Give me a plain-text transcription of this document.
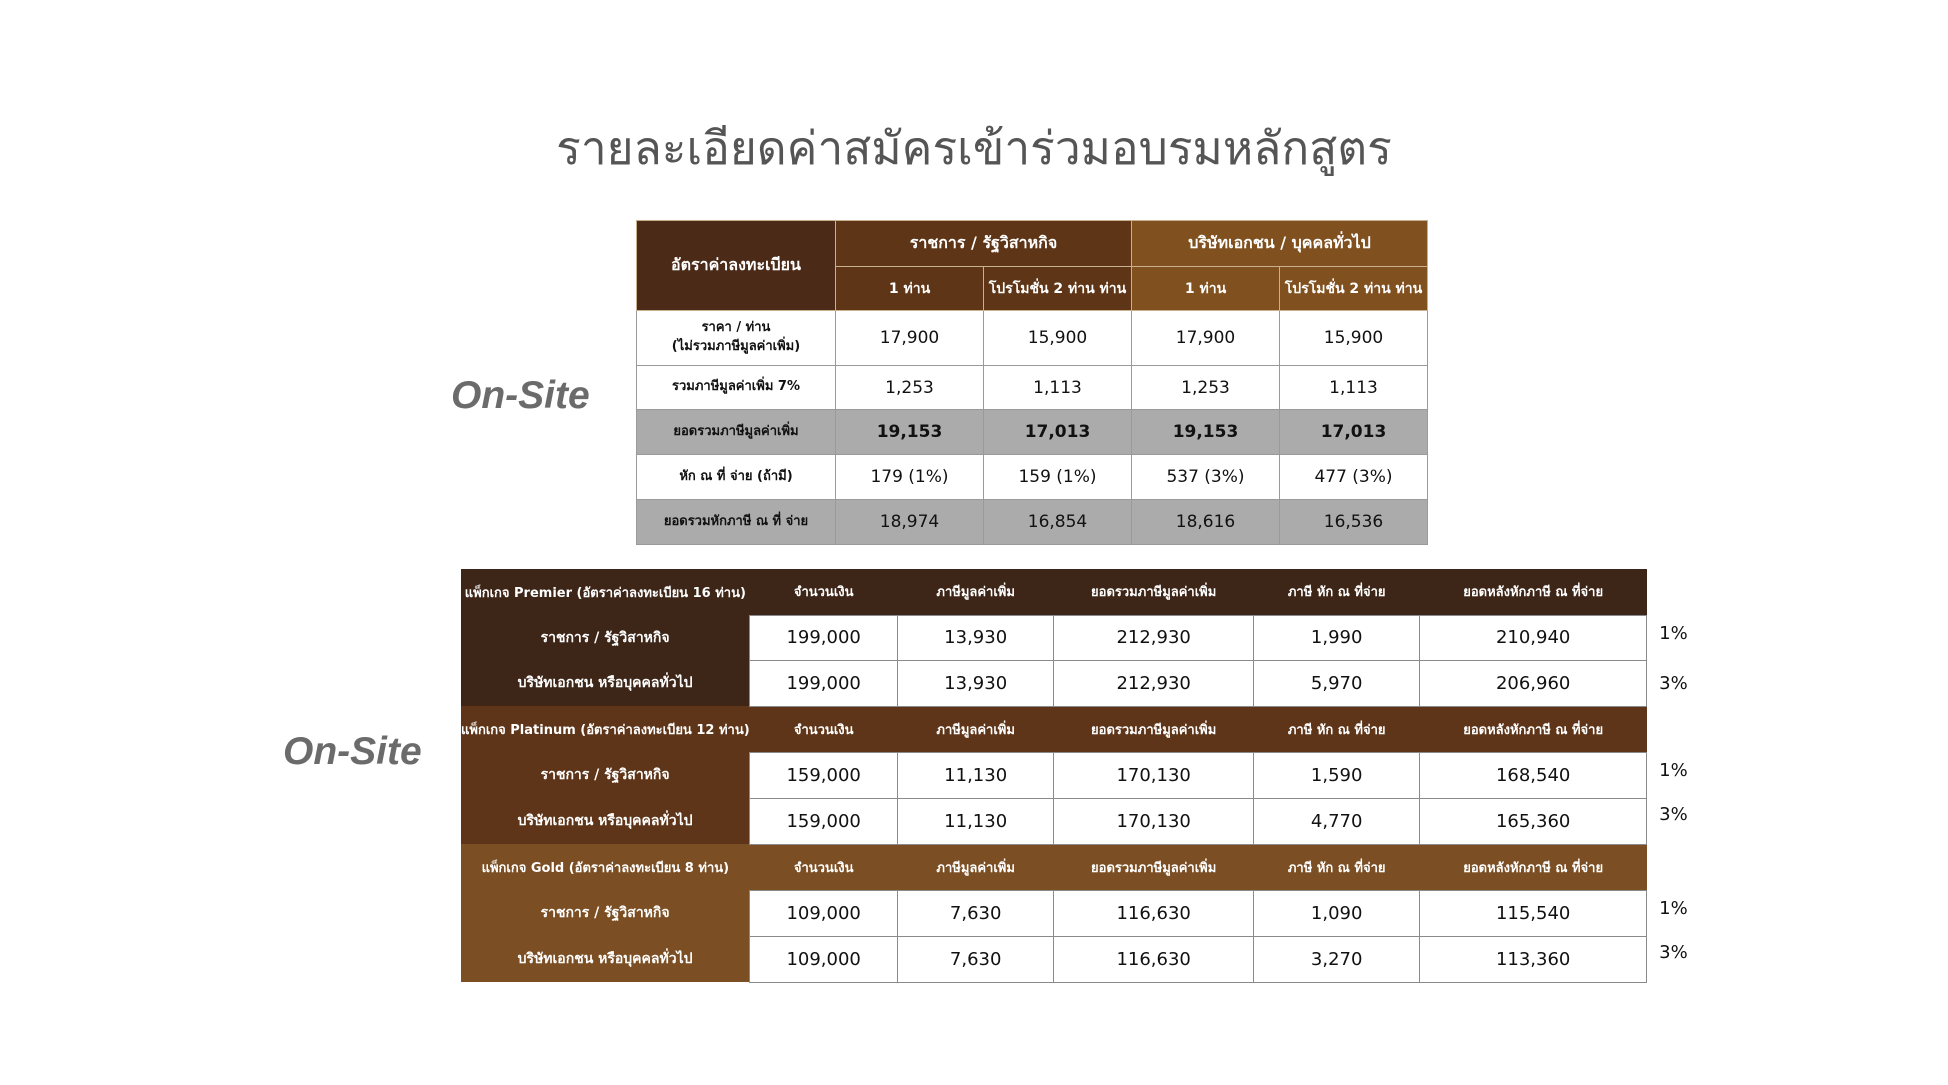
รายละเอียดค่าสมัครเข้าร่วมอบรมหลักสูตร
On-Site
On-Site
อัตราค่าลงทะเบียน	ราชการ / รัฐวิสาหกิจ		บริษัทเอกชน / บุคคลทั่วไป	
	1 ท่าน	โปรโมชั่น 2 ท่าน ท่าน	1 ท่าน	โปรโมชั่น 2 ท่าน ท่าน
ราคา / ท่าน
(ไม่รวมภาษีมูลค่าเพิ่ม)	17,900	15,900	17,900	15,900
รวมภาษีมูลค่าเพิ่ม 7%	1,253	1,113	1,253	1,113
ยอดรวมภาษีมูลค่าเพิ่ม	19,153	17,013	19,153	17,013
หัก ณ ที่ จ่าย (ถ้ามี)	179 (1%)	159 (1%)	537 (3%)	477 (3%)
ยอดรวมหักภาษี ณ ที่ จ่าย	18,974	16,854	18,616	16,536
แพ็กเกจ Premier (อัตราค่าลงทะเบียน 16 ท่าน)	จำนวนเงิน	ภาษีมูลค่าเพิ่ม	ยอดรวมภาษีมูลค่าเพิ่ม	ภาษี หัก ณ ที่จ่าย	ยอดหลังหักภาษี ณ ที่จ่าย	
ราชการ / รัฐวิสาหกิจ	199,000	13,930	212,930	1,990	210,940	1%
บริษัทเอกชน หรือบุคคลทั่วไป	199,000	13,930	212,930	5,970	206,960	3%
แพ็กเกจ Platinum (อัตราค่าลงทะเบียน 12 ท่าน)	จำนวนเงิน	ภาษีมูลค่าเพิ่ม	ยอดรวมภาษีมูลค่าเพิ่ม	ภาษี หัก ณ ที่จ่าย	ยอดหลังหักภาษี ณ ที่จ่าย	
ราชการ / รัฐวิสาหกิจ	159,000	11,130	170,130	1,590	168,540	1%
บริษัทเอกชน หรือบุคคลทั่วไป	159,000	11,130	170,130	4,770	165,360	3%
แพ็กเกจ Gold (อัตราค่าลงทะเบียน 8 ท่าน)	จำนวนเงิน	ภาษีมูลค่าเพิ่ม	ยอดรวมภาษีมูลค่าเพิ่ม	ภาษี หัก ณ ที่จ่าย	ยอดหลังหักภาษี ณ ที่จ่าย	
ราชการ / รัฐวิสาหกิจ	109,000	7,630	116,630	1,090	115,540	1%
บริษัทเอกชน หรือบุคคลทั่วไป	109,000	7,630	116,630	3,270	113,360	3%
